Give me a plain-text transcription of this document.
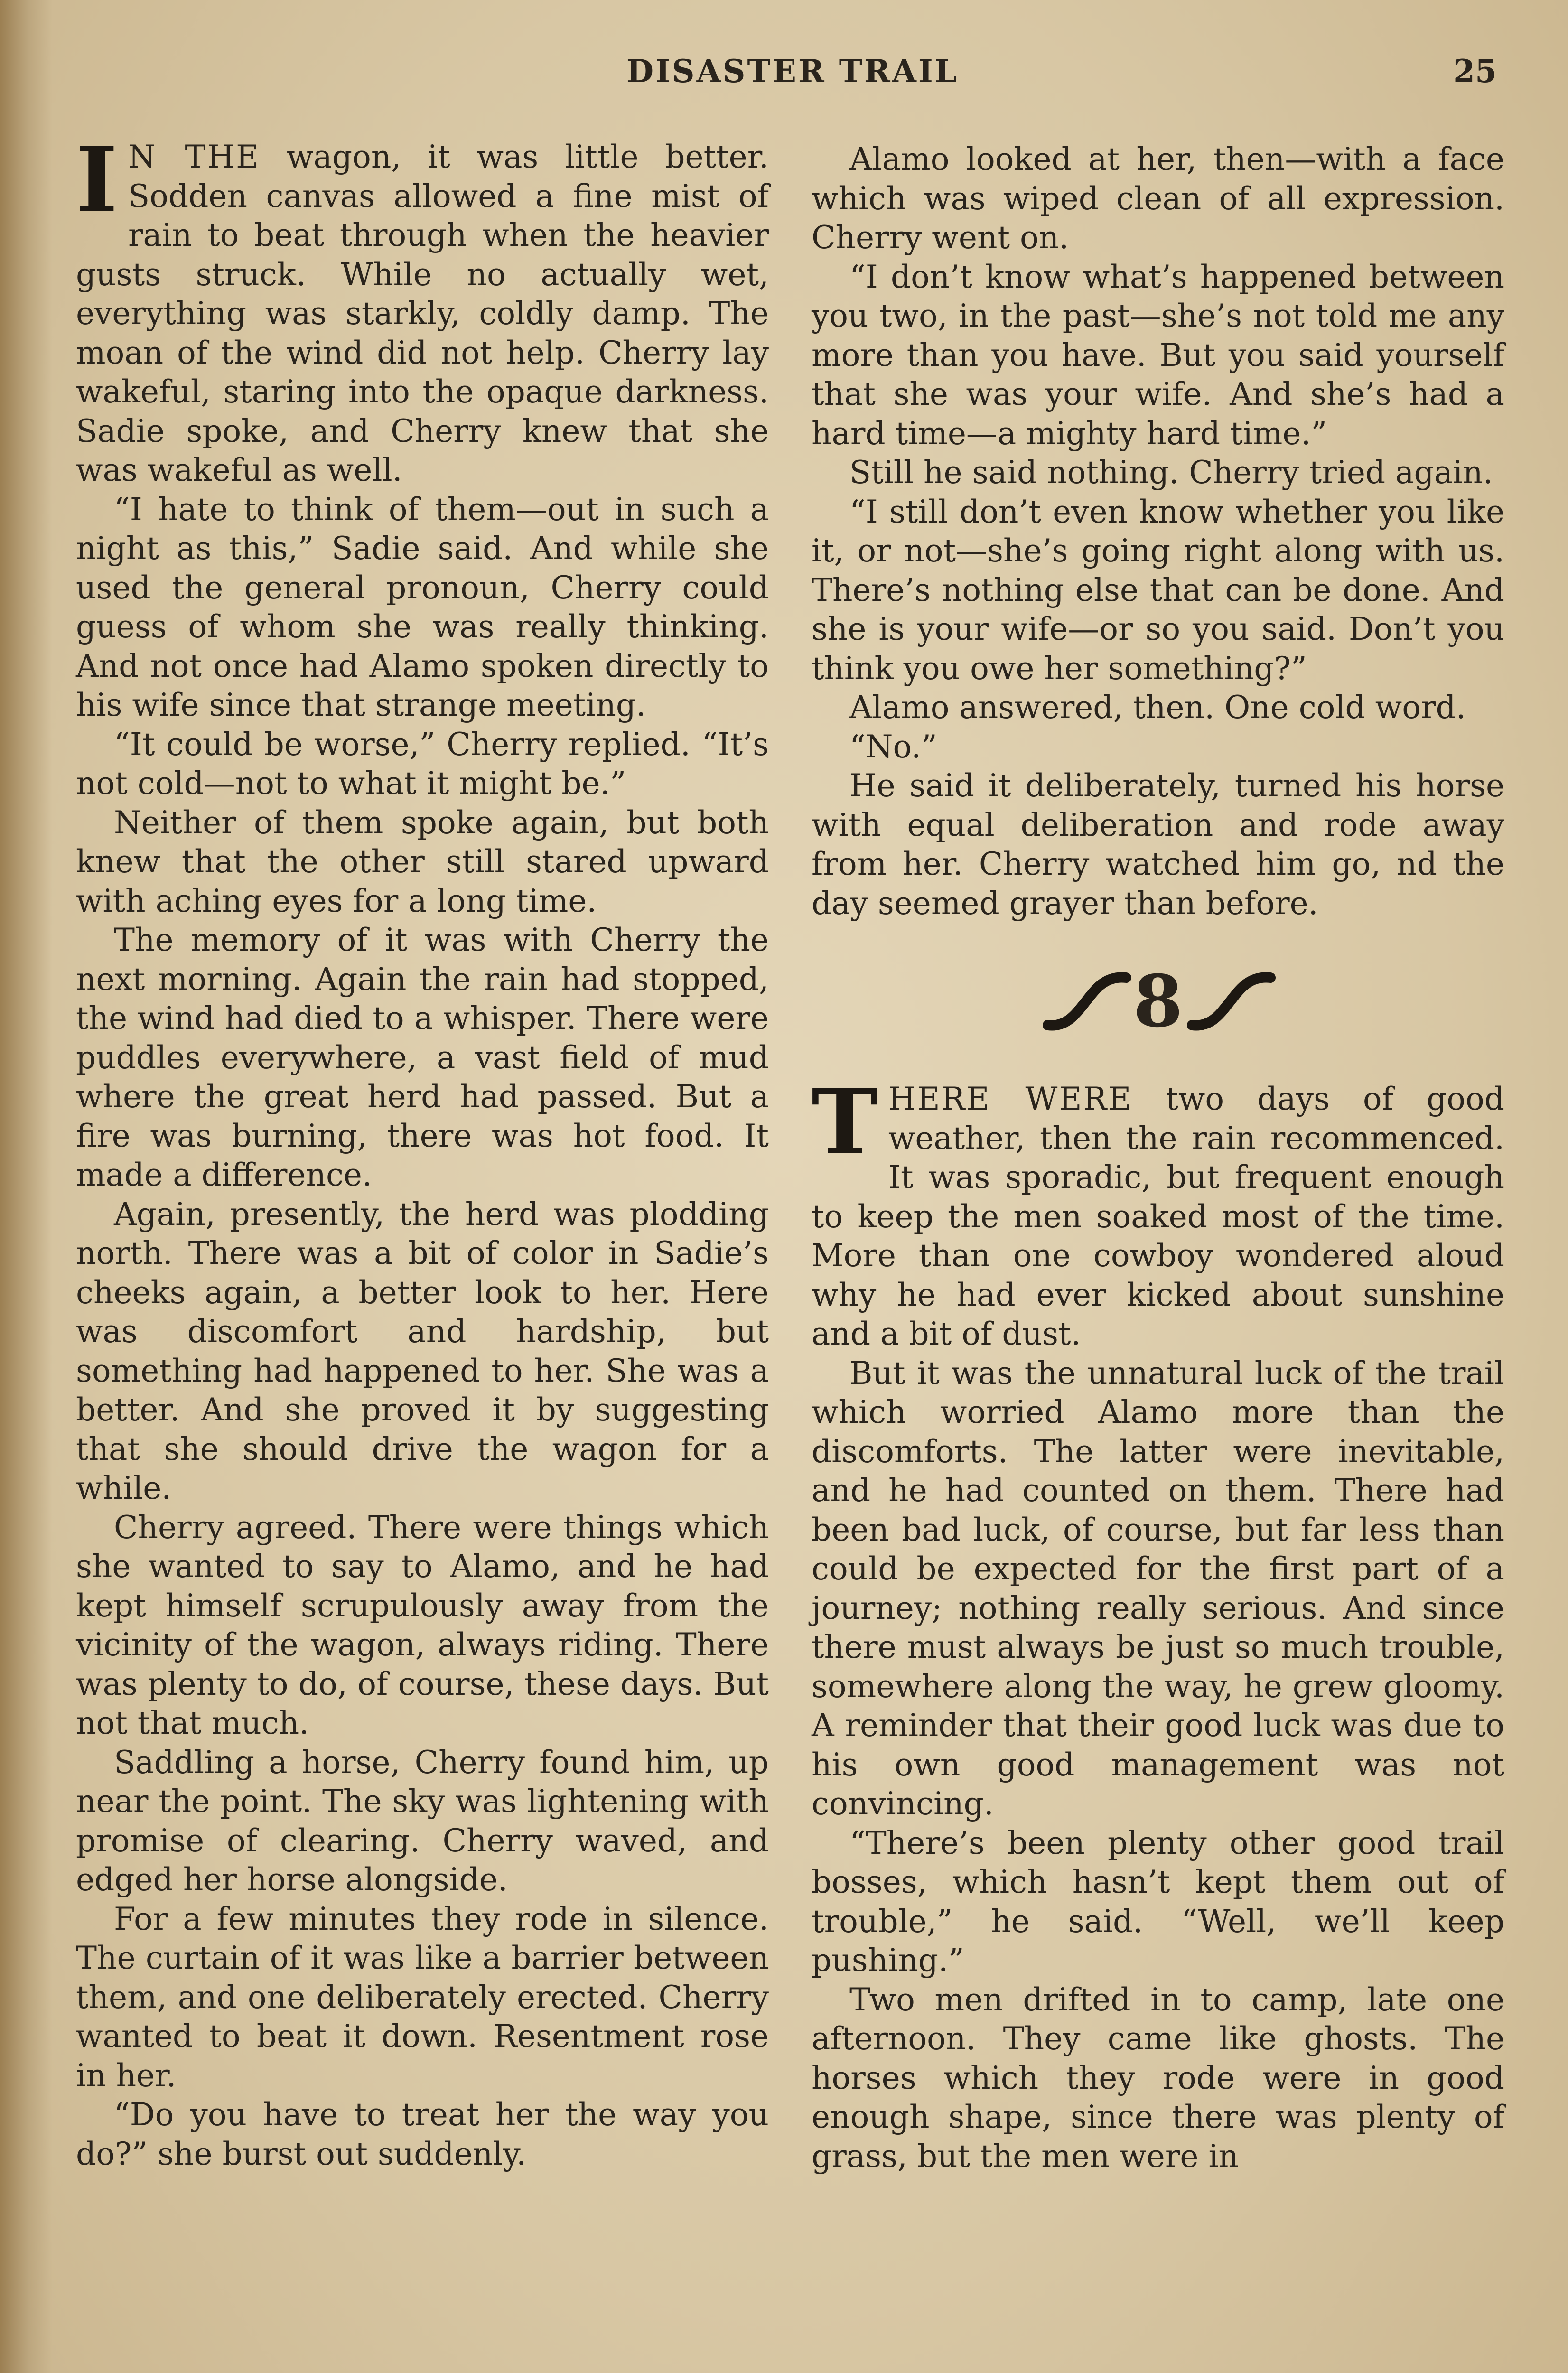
DISASTER TRAIL	25

I N THE wagon, it was little better. Sodden canvas allowed a fine mist of rain to beat through when the heavier gusts struck. While no actually wet, everything was starkly, coldly damp. The moan of the wind did not help. Cherry lay wakeful, staring into the opaque darkness. Sadie spoke, and Cherry knew that she was wakeful as well.

“I hate to think of them—out in such a night as this,” Sadie said. And while she used the general pronoun, Cherry could guess of whom she was really thinking. And not once had Alamo spoken directly to his wife since that strange meeting.

“It could be worse,” Cherry replied. “It’s not cold—not to what it might be.”

Neither of them spoke again, but both knew that the other still stared upward with aching eyes for a long time.

The memory of it was with Cherry the next morning. Again the rain had stopped, the wind had died to a whisper. There were puddles everywhere, a vast field of mud where the great herd had passed. But a fire was burning, there was hot food. It made a difference.

Again, presently, the herd was plodding north. There was a bit of color in Sadie’s cheeks again, a better look to her. Here was discomfort and hardship, but something had happened to her. She was a better. And she proved it by suggesting that she should drive the wagon for a while.

Cherry agreed. There were things which she wanted to say to Alamo, and he had kept himself scrupulously away from the vicinity of the wagon, always riding. There was plenty to do, of course, these days. But not that much.

Saddling a horse, Cherry found him, up near the point. The sky was lightening with promise of clearing. Cherry waved, and edged her horse alongside.

For a few minutes they rode in silence. The curtain of it was like a barrier between them, and one deliberately erected. Cherry wanted to beat it down. Resentment rose in her.

“Do you have to treat her the way you do?” she burst out suddenly.

Alamo looked at her, then—with a face which was wiped clean of all expression. Cherry went on.

“I don’t know what’s happened between you two, in the past—she’s not told me any more than you have. But you said yourself that she was your wife. And she’s had a hard time—a mighty hard time.”

Still he said nothing. Cherry tried again.

“I still don’t even know whether you like it, or not—she’s going right along with us. There’s nothing else that can be done. And she is your wife—or so you said. Don’t you think you owe her something?”

Alamo answered, then. One cold word.

“No.”

He said it deliberately, turned his horse with equal deliberation and rode away from her. Cherry watched him go, nd the day seemed grayer than before.

8

THERE WERE two days of good weather, then the rain recommenced. It was sporadic, but frequent enough to keep the men soaked most of the time. More than one cowboy wondered aloud why he had ever kicked about sunshine and a bit of dust.

But it was the unnatural luck of the trail which worried Alamo more than the discomforts. The latter were inevitable, and he had counted on them. There had been bad luck, of course, but far less than could be expected for the first part of a journey; nothing really serious. And since there must always be just so much trouble, somewhere along the way, he grew gloomy. A reminder that their good luck was due to his own good management was not convincing.

“There’s been plenty other good trail bosses, which hasn’t kept them out of trouble,” he said. “Well, we’ll keep pushing.”

Two men drifted in to camp, late one afternoon. They came like ghosts. The horses which they rode were in good enough shape, since there was plenty of grass, but the men were in
